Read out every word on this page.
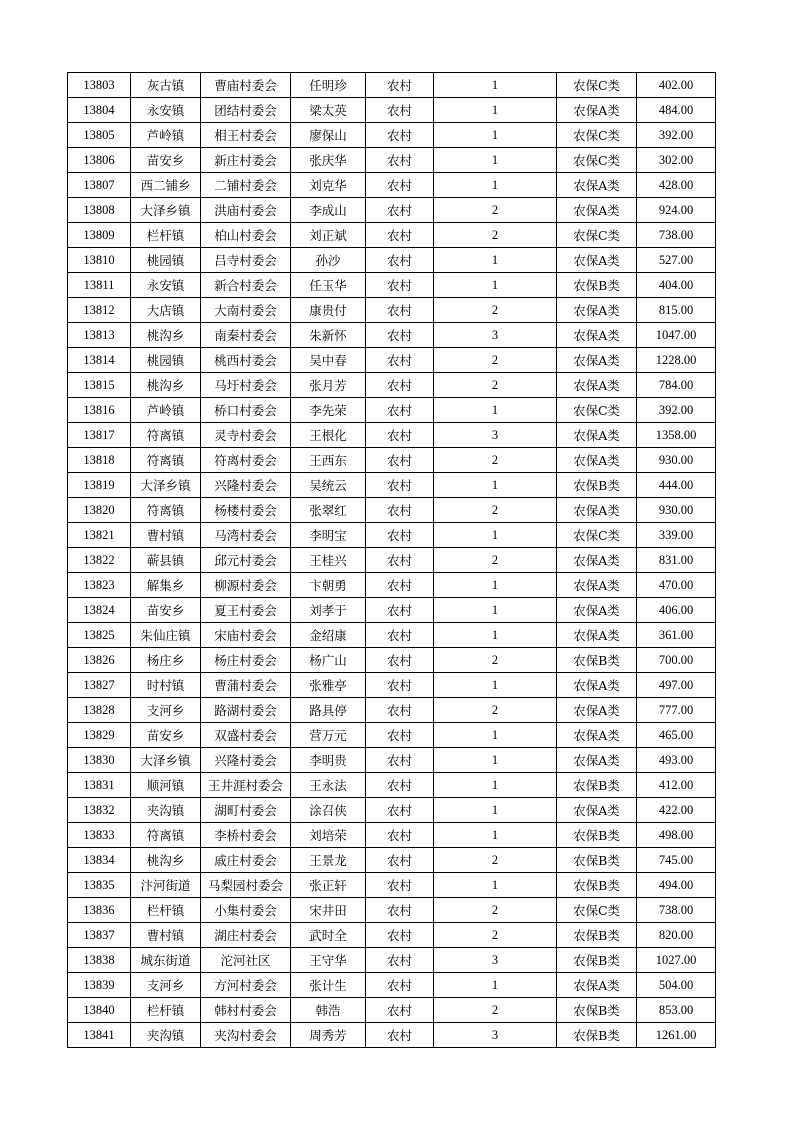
13803	灰古镇	曹庙村委会	任明珍	农村	1	农保C类	402.00
13804	永安镇	团结村委会	梁太英	农村	1	农保A类	484.00
13805	芦岭镇	相王村委会	廖保山	农村	1	农保C类	392.00
13806	苗安乡	新庄村委会	张庆华	农村	1	农保C类	302.00
13807	西二铺乡	二铺村委会	刘克华	农村	1	农保A类	428.00
13808	大泽乡镇	洪庙村委会	李成山	农村	2	农保A类	924.00
13809	栏杆镇	柏山村委会	刘正斌	农村	2	农保C类	738.00
13810	桃园镇	吕寺村委会	孙沙	农村	1	农保A类	527.00
13811	永安镇	新合村委会	任玉华	农村	1	农保B类	404.00
13812	大店镇	大南村委会	康贵付	农村	2	农保A类	815.00
13813	桃沟乡	南秦村委会	朱新怀	农村	3	农保A类	1047.00
13814	桃园镇	桃西村委会	吴中春	农村	2	农保A类	1228.00
13815	桃沟乡	马圩村委会	张月芳	农村	2	农保A类	784.00
13816	芦岭镇	桥口村委会	李先荣	农村	1	农保C类	392.00
13817	符离镇	灵寺村委会	王根化	农村	3	农保A类	1358.00
13818	符离镇	符离村委会	王西东	农村	2	农保A类	930.00
13819	大泽乡镇	兴隆村委会	吴统云	农村	1	农保B类	444.00
13820	符离镇	杨楼村委会	张翠红	农村	2	农保A类	930.00
13821	曹村镇	马湾村委会	李明宝	农村	1	农保C类	339.00
13822	蕲县镇	邱元村委会	王桂兴	农村	2	农保A类	831.00
13823	解集乡	柳源村委会	卞朝勇	农村	1	农保A类	470.00
13824	苗安乡	夏王村委会	刘孝于	农村	1	农保A类	406.00
13825	朱仙庄镇	宋庙村委会	金绍康	农村	1	农保A类	361.00
13826	杨庄乡	杨庄村委会	杨广山	农村	2	农保B类	700.00
13827	时村镇	曹蒲村委会	张雅亭	农村	1	农保A类	497.00
13828	支河乡	路湖村委会	路具停	农村	2	农保A类	777.00
13829	苗安乡	双盛村委会	营万元	农村	1	农保A类	465.00
13830	大泽乡镇	兴隆村委会	李明贵	农村	1	农保A类	493.00
13831	顺河镇	王井涯村委会	王永法	农村	1	农保B类	412.00
13832	夹沟镇	湖町村委会	涂召侠	农村	1	农保A类	422.00
13833	符离镇	李桥村委会	刘培荣	农村	1	农保B类	498.00
13834	桃沟乡	戚庄村委会	王景龙	农村	2	农保B类	745.00
13835	汴河街道	马梨园村委会	张正轩	农村	1	农保B类	494.00
13836	栏杆镇	小集村委会	宋井田	农村	2	农保C类	738.00
13837	曹村镇	湖庄村委会	武时全	农村	2	农保B类	820.00
13838	城东街道	沱河社区	王守华	农村	3	农保B类	1027.00
13839	支河乡	方河村委会	张计生	农村	1	农保A类	504.00
13840	栏杆镇	韩村村委会	韩浩	农村	2	农保B类	853.00
13841	夹沟镇	夹沟村委会	周秀芳	农村	3	农保B类	1261.00
